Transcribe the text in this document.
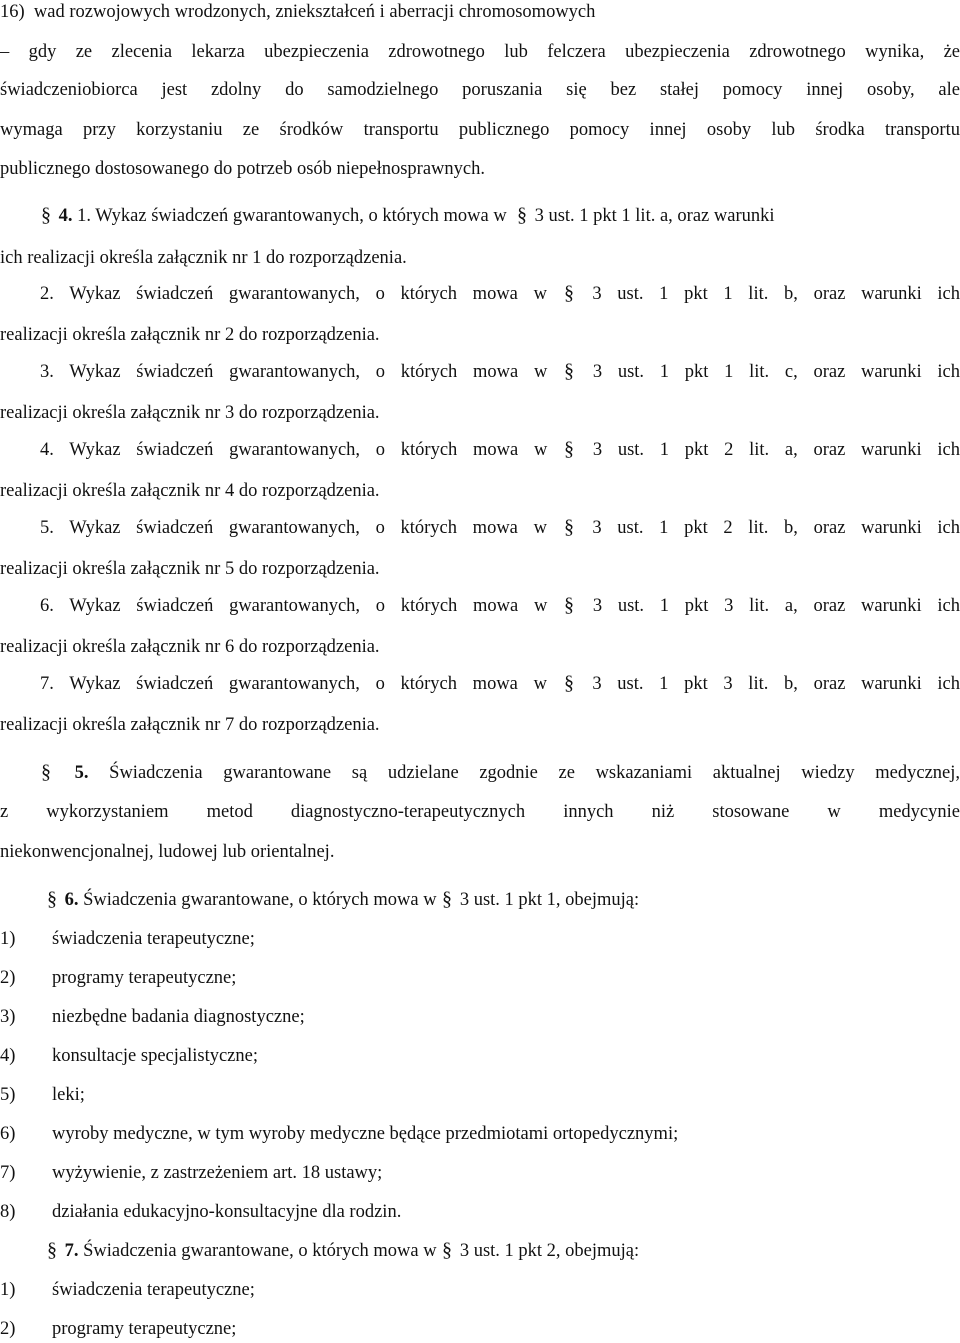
16)  wad rozwojowych wrodzonych, zniekształceń i aberracji chromosomowych
– gdy ze zlecenia lekarza ubezpieczenia zdrowotnego lub felczera ubezpieczenia zdrowotnego wynika, że
świadczeniobiorca jest zdolny do samodzielnego poruszania się bez stałej pomocy innej osoby, ale
wymaga przy korzystaniu ze środków transportu publicznego pomocy innej osoby lub środka transportu
publicznego dostosowanego do potrzeb osób niepełnosprawnych.
§ 4. 1. Wykaz świadczeń gwarantowanych, o których mowa w § 3 ust. 1 pkt 1 lit. a, oraz warunki
ich realizacji określa załącznik nr 1 do rozporządzenia.
2. Wykaz świadczeń gwarantowanych, o których mowa w § 3 ust. 1 pkt 1 lit. b, oraz warunki ich
realizacji określa załącznik nr 2 do rozporządzenia.
3. Wykaz świadczeń gwarantowanych, o których mowa w § 3 ust. 1 pkt 1 lit. c, oraz warunki ich
realizacji określa załącznik nr 3 do rozporządzenia.
4. Wykaz świadczeń gwarantowanych, o których mowa w § 3 ust. 1 pkt 2 lit. a, oraz warunki ich
realizacji określa załącznik nr 4 do rozporządzenia.
5. Wykaz świadczeń gwarantowanych, o których mowa w § 3 ust. 1 pkt 2 lit. b, oraz warunki ich
realizacji określa załącznik nr 5 do rozporządzenia.
6. Wykaz świadczeń gwarantowanych, o których mowa w § 3 ust. 1 pkt 3 lit. a, oraz warunki ich
realizacji określa załącznik nr 6 do rozporządzenia.
7. Wykaz świadczeń gwarantowanych, o których mowa w § 3 ust. 1 pkt 3 lit. b, oraz warunki ich
realizacji określa załącznik nr 7 do rozporządzenia.
§ 5. Świadczenia gwarantowane są udzielane zgodnie ze wskazaniami aktualnej wiedzy medycznej,
z wykorzystaniem metod diagnostyczno-terapeutycznych innych niż stosowane w medycynie
niekonwencjonalnej, ludowej lub orientalnej.
§ 6. Świadczenia gwarantowane, o których mowa w § 3 ust. 1 pkt 1, obejmują:
1) świadczenia terapeutyczne;
2) programy terapeutyczne;
3) niezbędne badania diagnostyczne;
4) konsultacje specjalistyczne;
5) leki;
6) wyroby medyczne, w tym wyroby medyczne będące przedmiotami ortopedycznymi;
7) wyżywienie, z zastrzeżeniem art. 18 ustawy;
8) działania edukacyjno-konsultacyjne dla rodzin.
§ 7. Świadczenia gwarantowane, o których mowa w § 3 ust. 1 pkt 2, obejmują:
1) świadczenia terapeutyczne;
2) programy terapeutyczne;
